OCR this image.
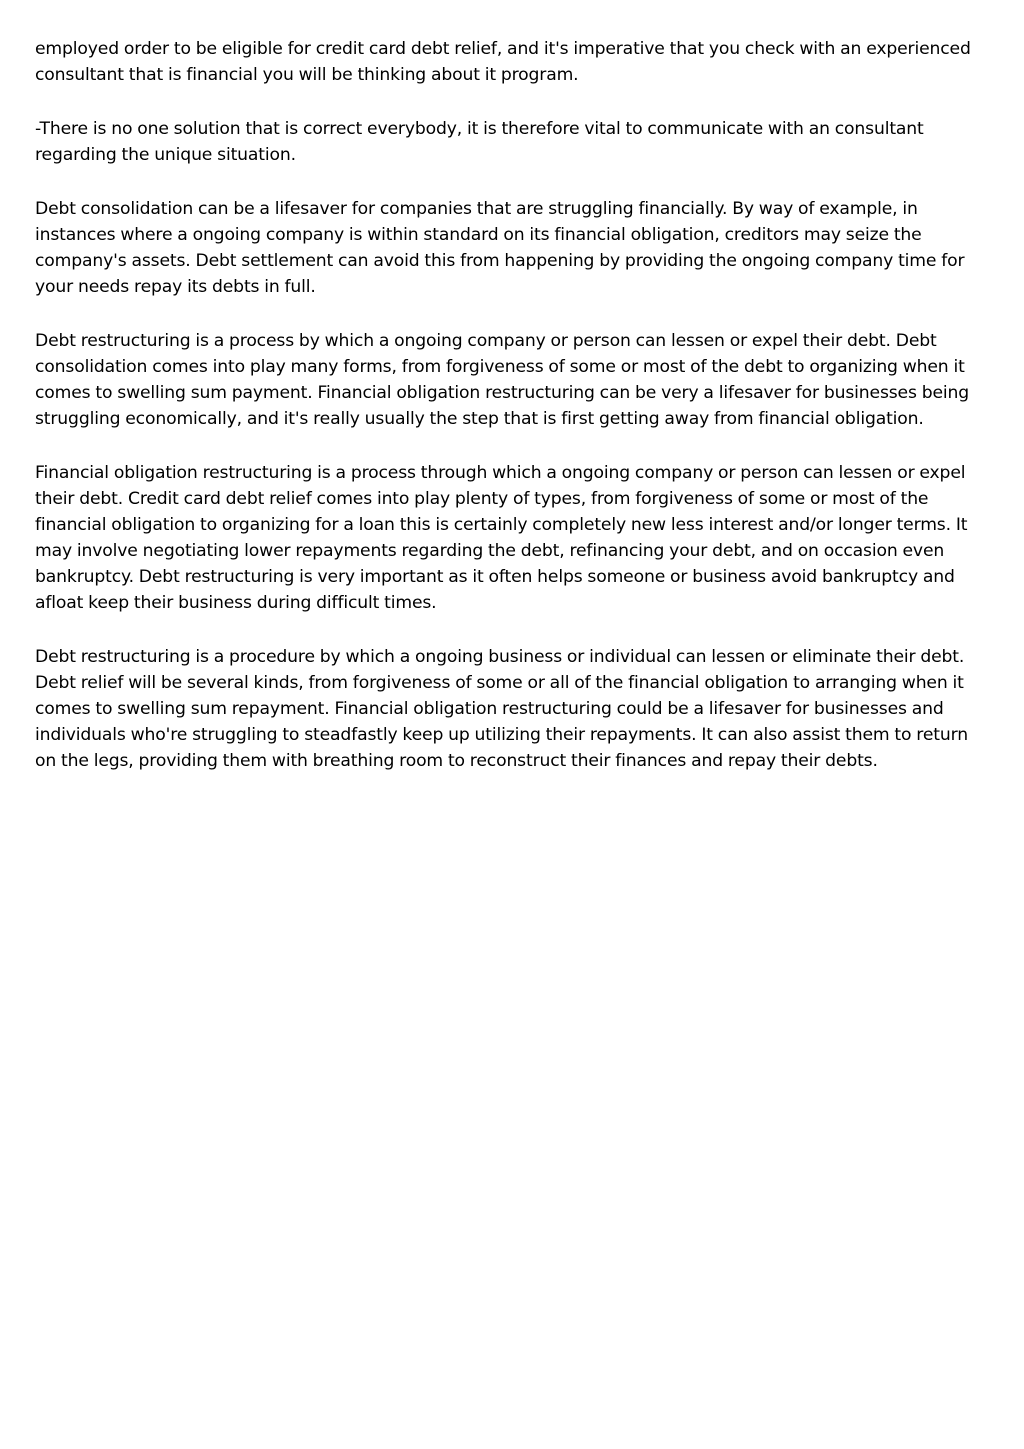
employed order to be eligible for credit card debt relief, and it's imperative that you check with an experienced consultant that is financial you will be thinking about it program.

-There is no one solution that is correct everybody, it is therefore vital to communicate with an consultant regarding the unique situation.

Debt consolidation can be a lifesaver for companies that are struggling financially. By way of example, in instances where a ongoing company is within standard on its financial obligation, creditors may seize the company's assets. Debt settlement can avoid this from happening by providing the ongoing company time for your needs repay its debts in full.

Debt restructuring is a process by which a ongoing company or person can lessen or expel their debt. Debt consolidation comes into play many forms, from forgiveness of some or most of the debt to organizing when it comes to swelling sum payment. Financial obligation restructuring can be very a lifesaver for businesses being struggling economically, and it's really usually the step that is first getting away from financial obligation.

Financial obligation restructuring is a process through which a ongoing company or person can lessen or expel their debt. Credit card debt relief comes into play plenty of types, from forgiveness of some or most of the financial obligation to organizing for a loan this is certainly completely new less interest and/or longer terms. It may involve negotiating lower repayments regarding the debt, refinancing your debt, and on occasion even bankruptcy. Debt restructuring is very important as it often helps someone or business avoid bankruptcy and afloat keep their business during difficult times.

Debt restructuring is a procedure by which a ongoing business or individual can lessen or eliminate their debt. Debt relief will be several kinds, from forgiveness of some or all of the financial obligation to arranging when it comes to swelling sum repayment. Financial obligation restructuring could be a lifesaver for businesses and individuals who're struggling to steadfastly keep up utilizing their repayments. It can also assist them to return on the legs, providing them with breathing room to reconstruct their finances and repay their debts.
